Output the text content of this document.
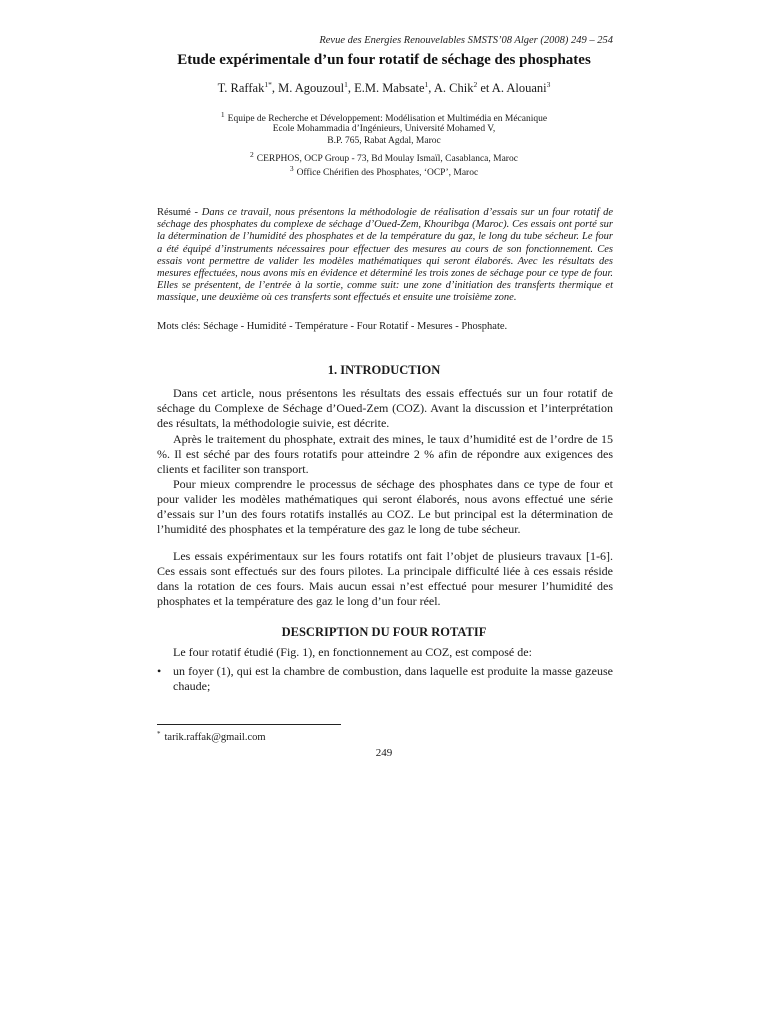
Revue des Energies Renouvelables SMSTS’08 Alger (2008) 249 – 254
Etude expérimentale d’un four rotatif de séchage des phosphates
T. Raffak$^{1*}$, M. Agouzoul$^1$, E.M. Mabsate$^1$, A. Chik$^2$ et A. Alouani$^3$
$^1$ Equipe de Recherche et Développement: Modélisation et Multimédia en Mécanique
Ecole Mohammadia d’Ingénieurs, Université Mohamed V,
B.P. 765, Rabat Agdal, Maroc
$^2$ CERPHOS, OCP Group - 73, Bd Moulay Ismaïl, Casablanca, Maroc
$^3$ Office Chérifien des Phosphates, ‘OCP’, Maroc
Résumé - Dans ce travail, nous présentons la méthodologie de réalisation d’essais sur un four rotatif de séchage des phosphates du complexe de séchage d’Oued-Zem, Khouribga (Maroc). Ces essais ont porté sur la détermination de l’humidité des phosphates et de la température du gaz, le long du tube sécheur. Le four a été équipé d’instruments nécessaires pour effectuer des mesures au cours de son fonctionnement. Ces essais vont permettre de valider les modèles mathématiques qui seront élaborés. Avec les résultats des mesures effectuées, nous avons mis en évidence et déterminé les trois zones de séchage pour ce type de four. Elles se présentent, de l’entrée à la sortie, comme suit: une zone d’initiation des transferts thermique et massique, une deuxième où ces transferts sont effectués et ensuite une troisième zone.
Mots clés: Séchage - Humidité - Température - Four Rotatif - Mesures - Phosphate.
1. INTRODUCTION

Dans cet article, nous présentons les résultats des essais effectués sur un four rotatif de séchage du Complexe de Séchage d’Oued-Zem (COZ). Avant la discussion et l’interprétation des résultats, la méthodologie suivie, est décrite.

Après le traitement du phosphate, extrait des mines, le taux d’humidité est de l’ordre de 15 %. Il est séché par des fours rotatifs pour atteindre 2 % afin de répondre aux exigences des clients et faciliter son transport.

Pour mieux comprendre le processus de séchage des phosphates dans ce type de four et pour valider les modèles mathématiques qui seront élaborés, nous avons effectué une série d’essais sur l’un des fours rotatifs installés au COZ. Le but principal est la détermination de l’humidité des phosphates et la température des gaz le long de tube sécheur.

Les essais expérimentaux sur les fours rotatifs ont fait l’objet de plusieurs travaux [1-6]. Ces essais sont effectués sur des fours pilotes. La principale difficulté liée à ces essais réside dans la rotation de ces fours. Mais aucun essai n’est effectué pour mesurer l’humidité des phosphates et la température des gaz le long d’un four réel.

DESCRIPTION DU FOUR ROTATIF

Le four rotatif étudié (Fig. 1), en fonctionnement au COZ, est composé de:

• un foyer (1), qui est la chambre de combustion, dans laquelle est produite la masse gazeuse chaude;
* tarik.raffak@gmail.com
249
